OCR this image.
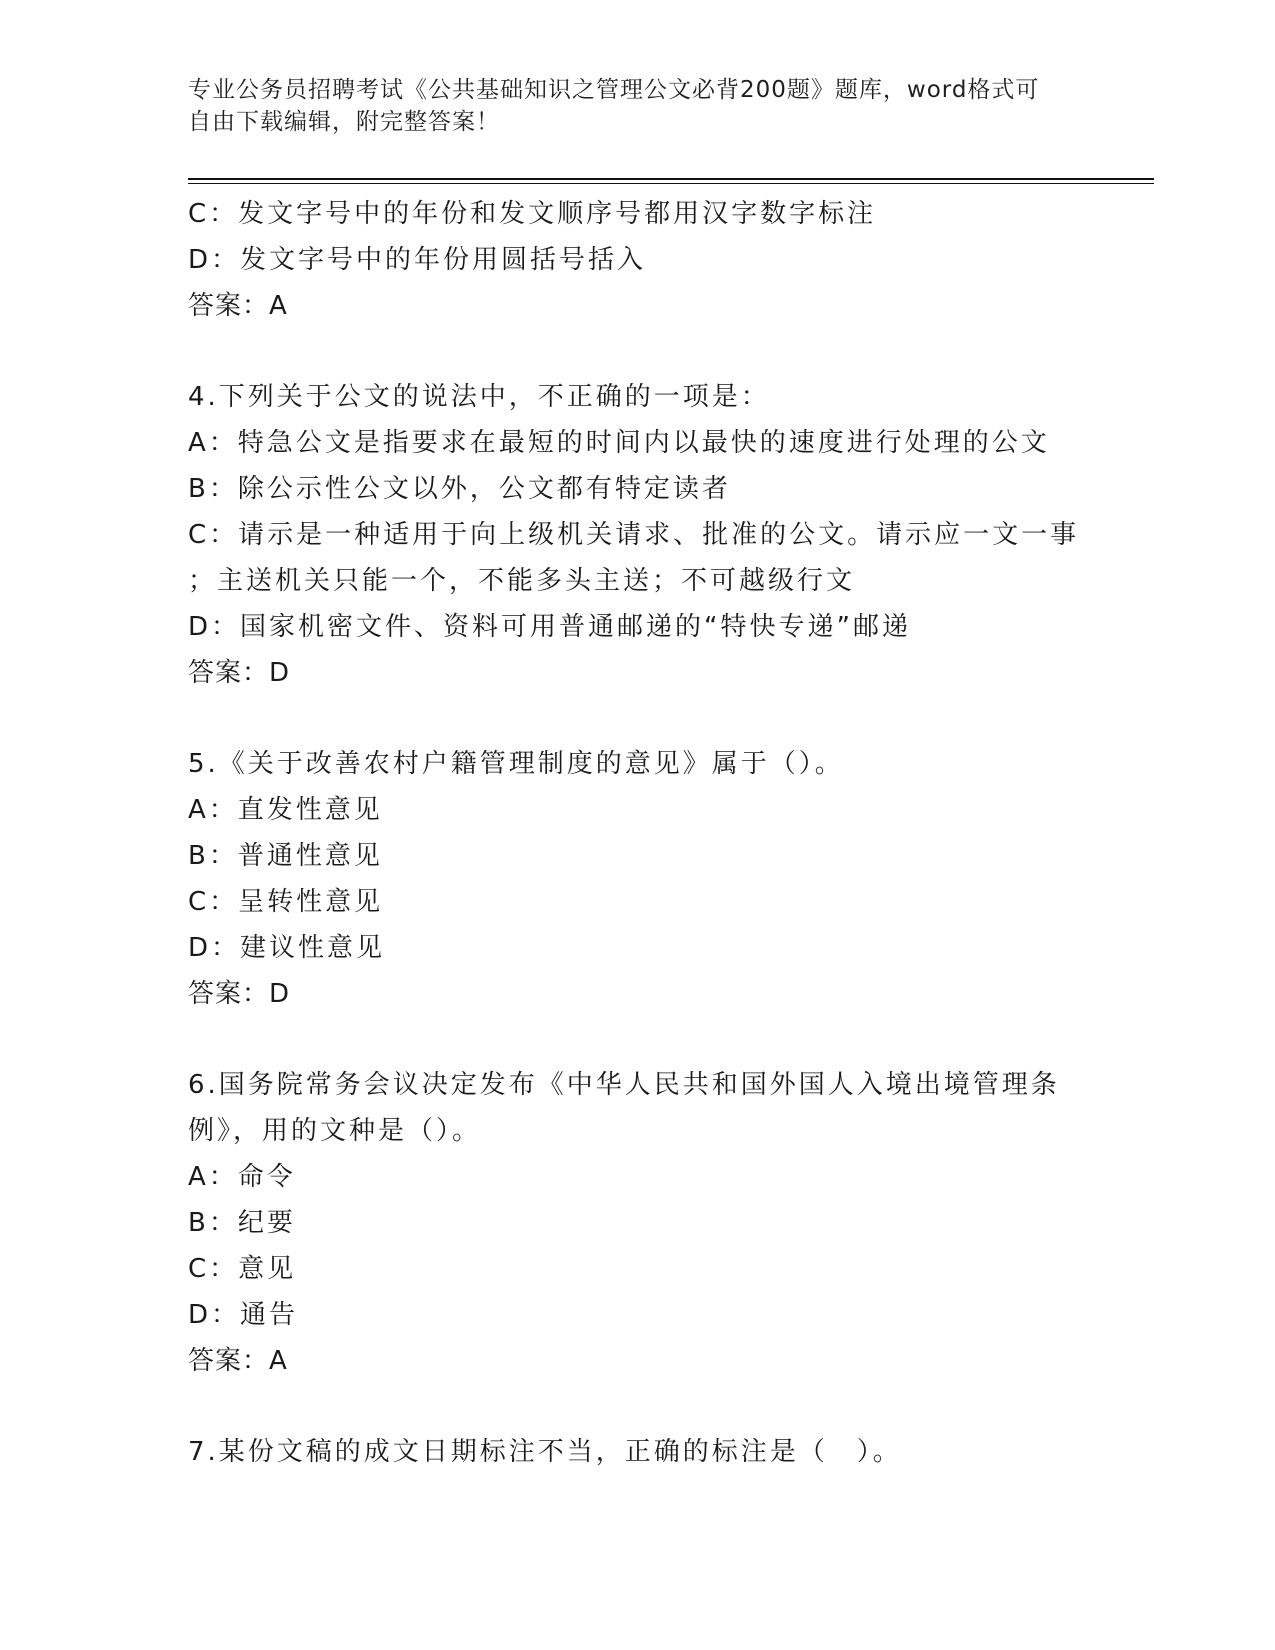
专业公务员招聘考试《公共基础知识之管理公文必背200题》题库，word格式可
自由下载编辑，附完整答案！
C：发文字号中的年份和发文顺序号都用汉字数字标注
D：发文字号中的年份用圆括号括入
答案：A
4.下列关于公文的说法中，不正确的一项是：
A：特急公文是指要求在最短的时间内以最快的速度进行处理的公文
B：除公示性公文以外，公文都有特定读者
C：请示是一种适用于向上级机关请求、批准的公文。请示应一文一事
；主送机关只能一个，不能多头主送；不可越级行文
D：国家机密文件、资料可用普通邮递的“特快专递”邮递
答案：D
5.《关于改善农村户籍管理制度的意见》属于（）。
A：直发性意见
B：普通性意见
C：呈转性意见
D：建议性意见
答案：D
6.国务院常务会议决定发布《中华人民共和国外国人入境出境管理条
例》，用的文种是（）。
A：命令
B：纪要
C：意见
D：通告
答案：A
7.某份文稿的成文日期标注不当，正确的标注是（　）。
